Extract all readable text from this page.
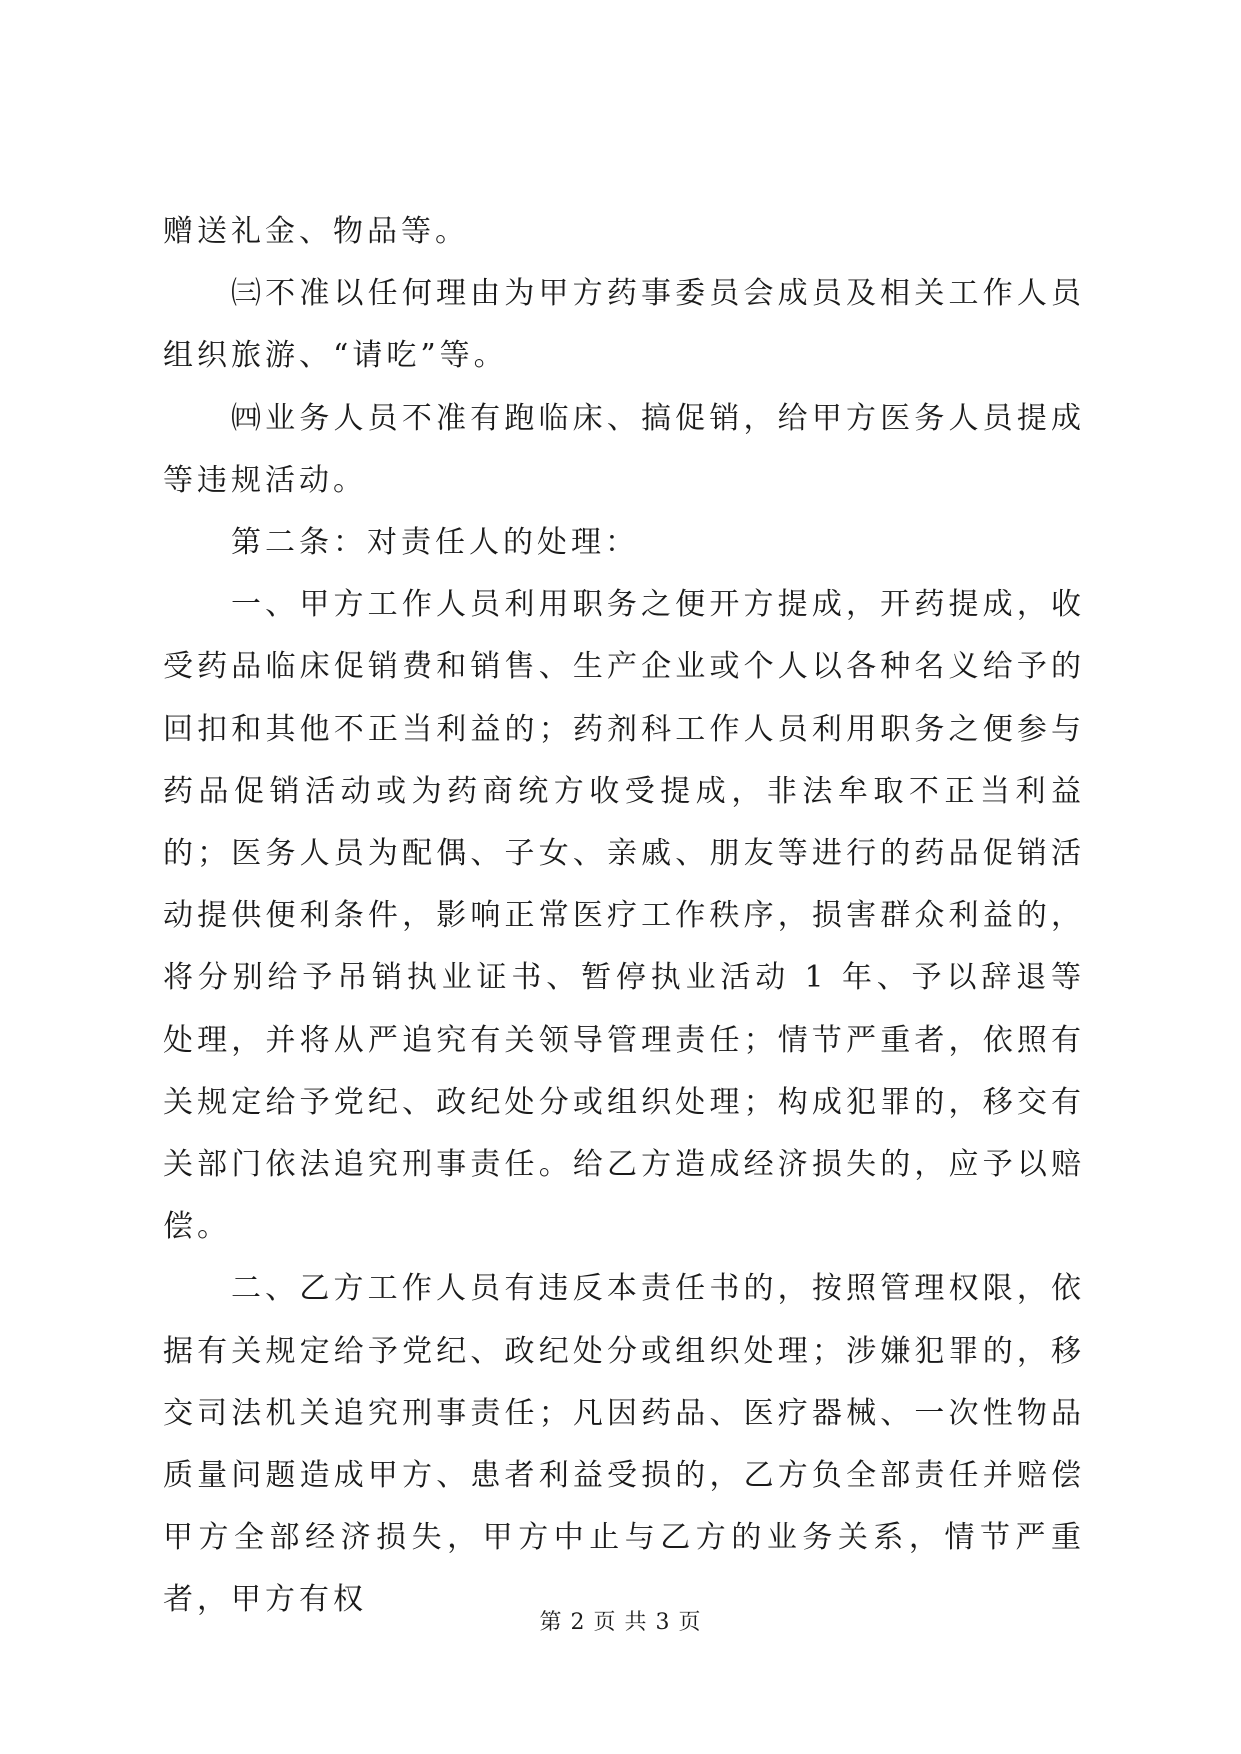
赠送礼金、物品等。

㈢不准以任何理由为甲方药事委员会成员及相关工作人员组织旅游、“请吃”等。

㈣业务人员不准有跑临床、搞促销，给甲方医务人员提成等违规活动。

第二条：对责任人的处理：

一、甲方工作人员利用职务之便开方提成，开药提成，收受药品临床促销费和销售、生产企业或个人以各种名义给予的回扣和其他不正当利益的；药剂科工作人员利用职务之便参与药品促销活动或为药商统方收受提成，非法牟取不正当利益的；医务人员为配偶、子女、亲戚、朋友等进行的药品促销活动提供便利条件，影响正常医疗工作秩序，损害群众利益的，将分别给予吊销执业证书、暂停执业活动 1 年、予以辞退等处理，并将从严追究有关领导管理责任；情节严重者，依照有关规定给予党纪、政纪处分或组织处理；构成犯罪的，移交有关部门依法追究刑事责任。给乙方造成经济损失的，应予以赔偿。

二、乙方工作人员有违反本责任书的，按照管理权限，依据有关规定给予党纪、政纪处分或组织处理；涉嫌犯罪的，移交司法机关追究刑事责任；凡因药品、医疗器械、一次性物品质量问题造成甲方、患者利益受损的，乙方负全部责任并赔偿甲方全部经济损失，甲方中止与乙方的业务关系，情节严重者，甲方有权

第 2 页 共 3 页
